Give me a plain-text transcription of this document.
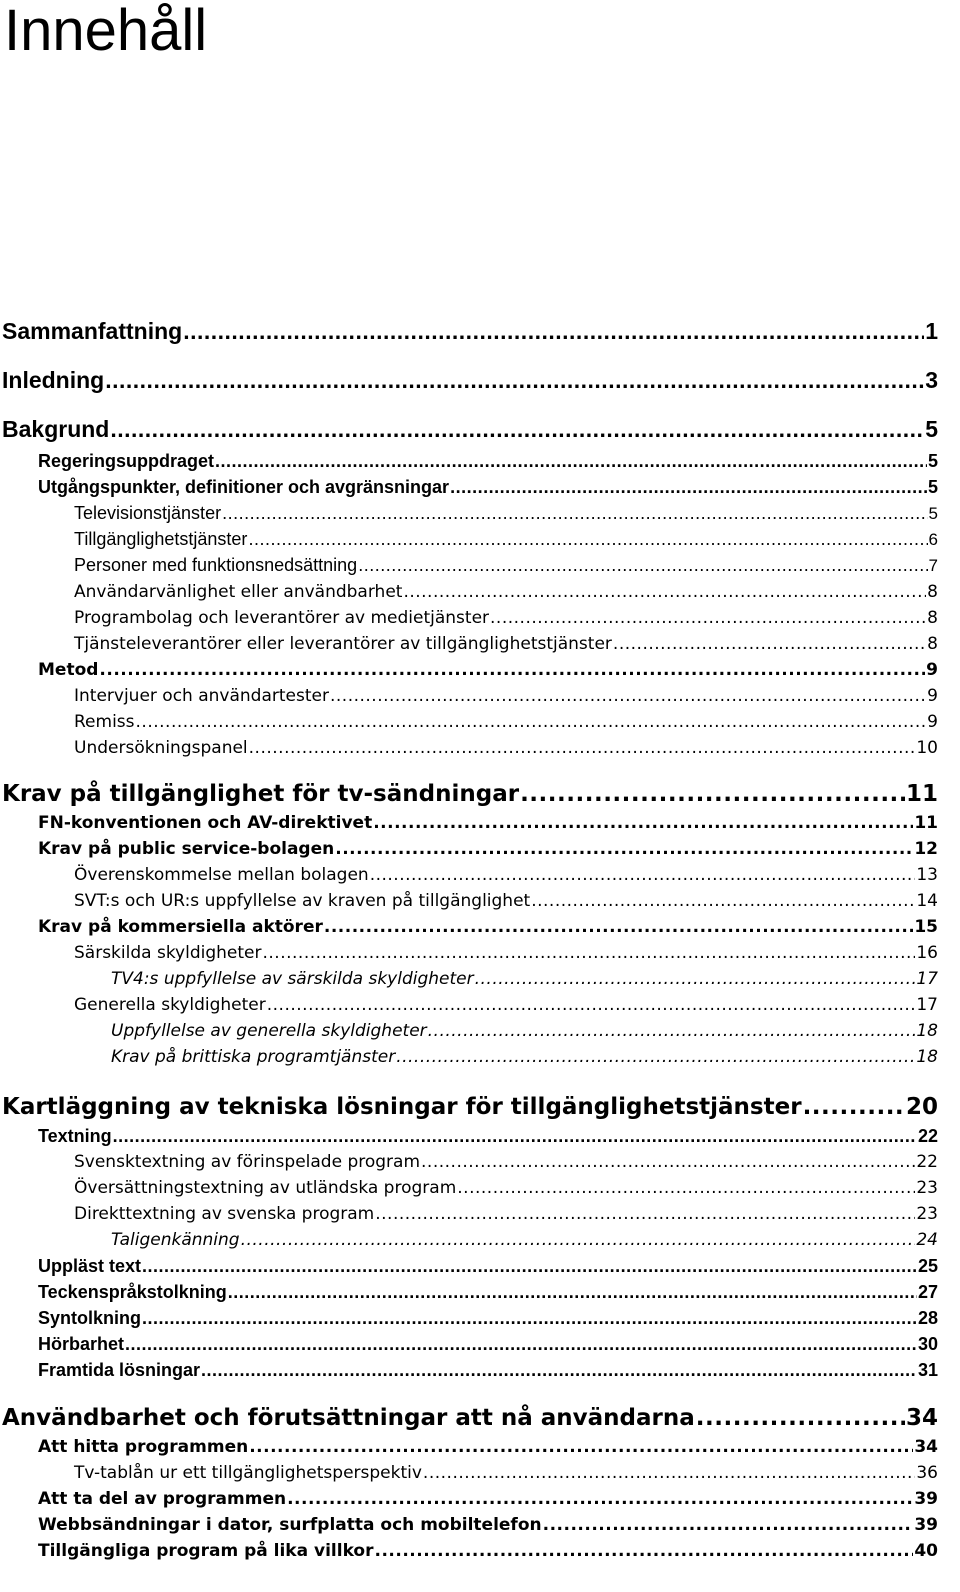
Innehåll
Sammanfattning .....	1
Inledning .....	3
Bakgrund .....	5
Regeringsuppdraget .....	5
Utgångspunkter, definitioner och avgränsningar .....	5
Televisionstjänster .....	5
Tillgänglighetstjänster .....	6
Personer med funktionsnedsättning .....	7
Användarvänlighet eller användbarhet .....	8
Programbolag och leverantörer av medietjänster .....	8
Tjänsteleverantörer eller leverantörer av tillgänglighetstjänster .....	8
Metod .....	9
Intervjuer och användartester .....	9
Remiss .....	9
Undersökningspanel .....	10
Krav på tillgänglighet för tv-sändningar .....	11
FN-konventionen och AV-direktivet .....	11
Krav på public service-bolagen .....	12
Överenskommelse mellan bolagen .....	13
SVT:s och UR:s uppfyllelse av kraven på tillgänglighet .....	14
Krav på kommersiella aktörer .....	15
Särskilda skyldigheter .....	16
TV4:s uppfyllelse av särskilda skyldigheter .....	17
Generella skyldigheter .....	17
Uppfyllelse av generella skyldigheter .....	18
Krav på brittiska programtjänster .....	18
Kartläggning av tekniska lösningar för tillgänglighetstjänster .....	20
Textning .....	22
Svensktextning av förinspelade program .....	22
Översättningstextning av utländska program .....	23
Direkttextning av svenska program .....	23
Taligenkänning .....	24
Uppläst text .....	25
Teckenspråkstolkning .....	27
Syntolkning .....	28
Hörbarhet .....	30
Framtida lösningar .....	31
Användbarhet och förutsättningar att nå användarna .....	34
Att hitta programmen .....	34
Tv-tablån ur ett tillgänglighetsperspektiv .....	36
Att ta del av programmen .....	39
Webbsändningar i dator, surfplatta och mobiltelefon .....	39
Tillgängliga program på lika villkor .....	40
